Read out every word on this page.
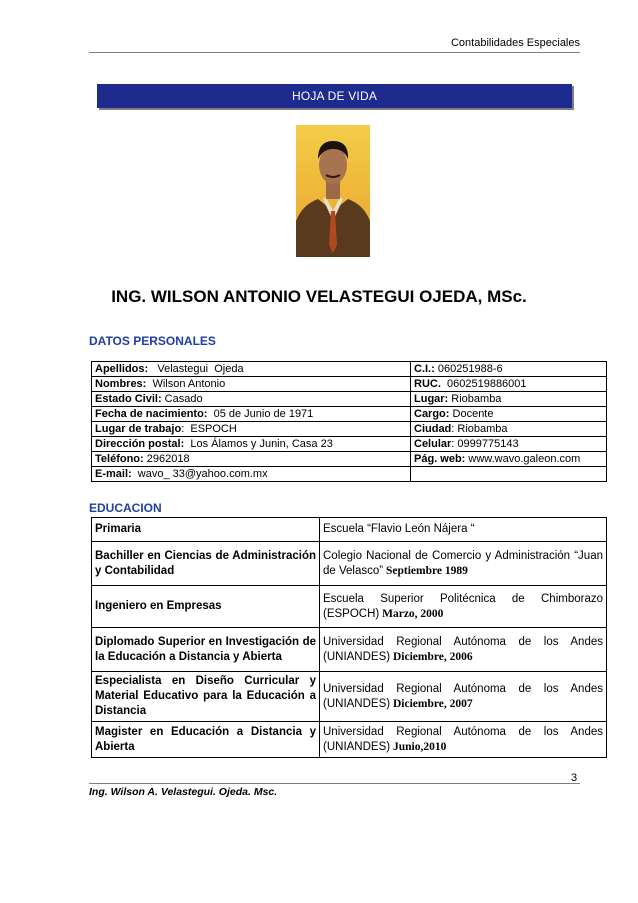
Contabilidades Especiales
HOJA DE VIDA
ING. WILSON ANTONIO VELASTEGUI OJEDA, MSc.
DATOS PERSONALES
Apellidos:   Velastegui  Ojeda	C.I.: 060251988-6
Nombres:  Wilson Antonio	RUC.  0602519886001
Estado Civil: Casado	Lugar: Riobamba
Fecha de nacimiento:  05 de Junio de 1971	Cargo: Docente
Lugar de trabajo:  ESPOCH	Ciudad: Riobamba
Dirección postal:  Los Álamos y Junin, Casa 23	Celular: 0999775143
Teléfono: 2962018	Pág. web: www.wavo.galeon.com
E-mail:  wavo_ 33@yahoo.com.mx	
EDUCACION
Primaria	Escuela “Flavio León Nájera “
Bachiller en Ciencias de Administración y Contabilidad	Colegio Nacional de Comercio y Administración “Juan de Velasco” Septiembre 1989
Ingeniero en Empresas	Escuela Superior Politécnica de Chimborazo (ESPOCH) Marzo, 2000
Diplomado Superior en Investigación de la Educación a Distancia y Abierta	Universidad Regional Autónoma de los Andes (UNIANDES) Diciembre, 2006
Especialista en Diseño Curricular y Material Educativo para la Educación a Distancia	Universidad Regional Autónoma de los Andes (UNIANDES) Diciembre, 2007
Magister en Educación a Distancia y Abierta	Universidad Regional Autónoma de los Andes (UNIANDES) Junio,2010
3
Ing. Wilson A. Velastegui. Ojeda. Msc.
